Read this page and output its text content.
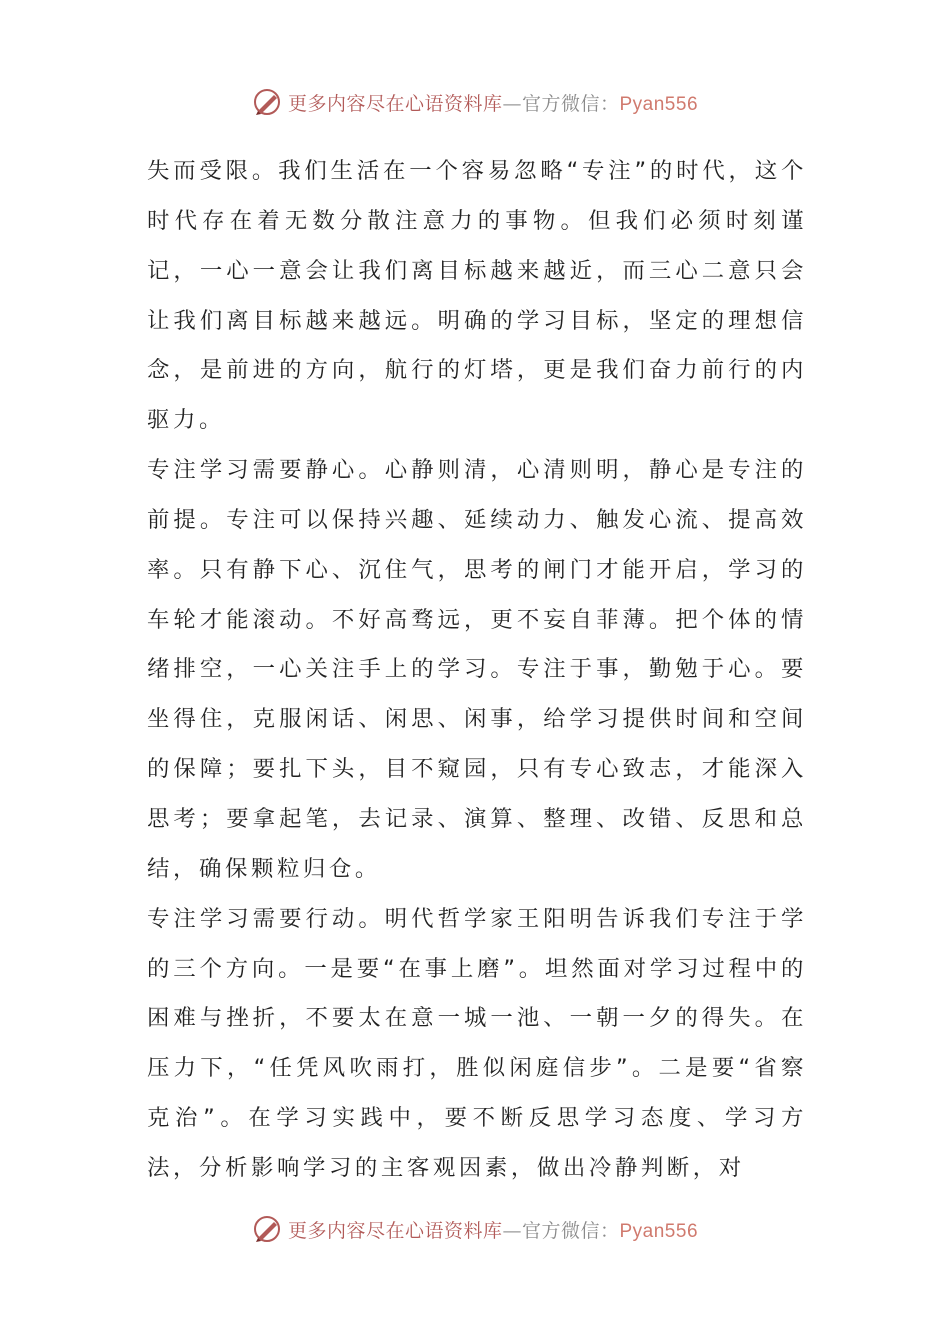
更多内容尽在心语资料库—官方微信：Pyan556

失而受限。我们生活在一个容易忽略“专注”的时代，这个时代存在着无数分散注意力的事物。但我们必须时刻谨记，一心一意会让我们离目标越来越近，而三心二意只会让我们离目标越来越远。明确的学习目标，坚定的理想信念，是前进的方向，航行的灯塔，更是我们奋力前行的内驱力。

专注学习需要静心。心静则清，心清则明，静心是专注的前提。专注可以保持兴趣、延续动力、触发心流、提高效率。只有静下心、沉住气，思考的闸门才能开启，学习的车轮才能滚动。不好高骛远，更不妄自菲薄。把个体的情绪排空，一心关注手上的学习。专注于事，勤勉于心。要坐得住，克服闲话、闲思、闲事，给学习提供时间和空间的保障；要扎下头，目不窥园，只有专心致志，才能深入思考；要拿起笔，去记录、演算、整理、改错、反思和总结，确保颗粒归仓。

专注学习需要行动。明代哲学家王阳明告诉我们专注于学的三个方向。一是要“在事上磨”。坦然面对学习过程中的困难与挫折，不要太在意一城一池、一朝一夕的得失。在压力下，“任凭风吹雨打，胜似闲庭信步”。二是要“省察克治”。在学习实践中，要不断反思学习态度、学习方法，分析影响学习的主客观因素，做出冷静判断，对

更多内容尽在心语资料库—官方微信：Pyan556
